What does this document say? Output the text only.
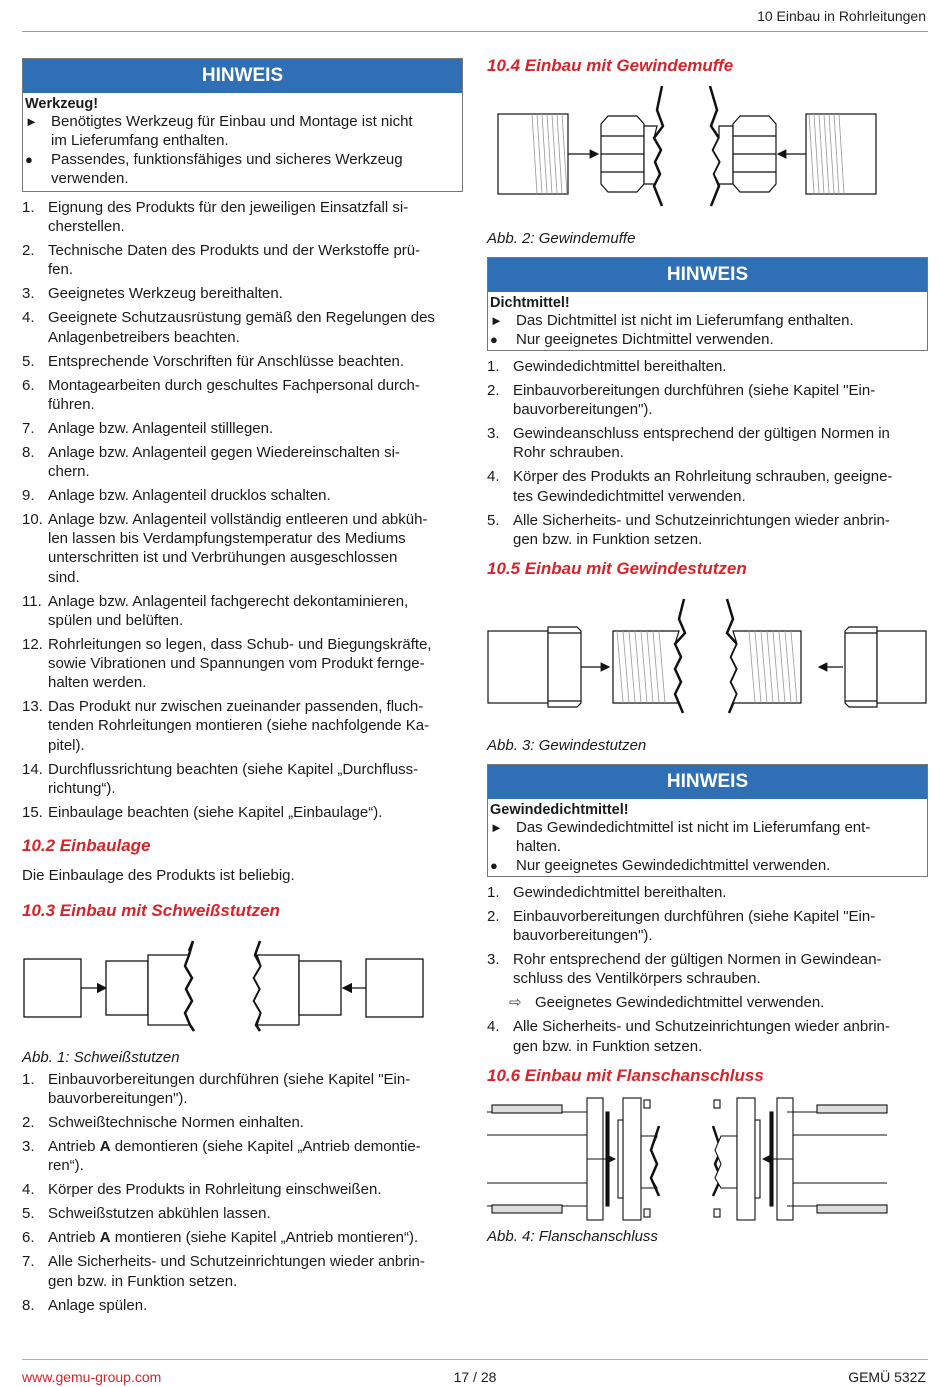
10 Einbau in Rohrleitungen
HINWEIS
Werkzeug!
► Benötigtes Werkzeug für Einbau und Montage ist nicht
im Lieferumfang enthalten.
●	Passendes, funktionsfähiges und sicheres Werkzeug
verwenden.
1. Eignung des Produkts für den jeweiligen Einsatzfall si-
cherstellen.
2. Technische Daten des Produkts und der Werkstoffe prü-
fen.
3. Geeignetes Werkzeug bereithalten.
4. Geeignete Schutzausrüstung gemäß den Regelungen des
Anlagenbetreibers beachten.
5. Entsprechende Vorschriften für Anschlüsse beachten.
6. Montagearbeiten durch geschultes Fachpersonal durch-
führen.
7. Anlage bzw. Anlagenteil stilllegen.
8. Anlage bzw. Anlagenteil gegen Wiedereinschalten si-
chern.
9. Anlage bzw. Anlagenteil drucklos schalten.
10. Anlage bzw. Anlagenteil vollständig entleeren und abküh-
len lassen bis Verdampfungstemperatur des Mediums
unterschritten ist und Verbrühungen ausgeschlossen
sind.
11. Anlage bzw. Anlagenteil fachgerecht dekontaminieren,
spülen und belüften.
12. Rohrleitungen so legen, dass Schub- und Biegungskräfte,
sowie Vibrationen und Spannungen vom Produkt fernge-
halten werden.
13. Das Produkt nur zwischen zueinander passenden, fluch-
tenden Rohrleitungen montieren (siehe nachfolgende Ka-
pitel).
14. Durchflussrichtung beachten (siehe Kapitel „Durchfluss-
richtung“).
15. Einbaulage beachten (siehe Kapitel „Einbaulage“).
10.2 Einbaulage
Die Einbaulage des Produkts ist beliebig.
10.3 Einbau mit Schweißstutzen
Abb. 1: Schweißstutzen
1. Einbauvorbereitungen durchführen (siehe Kapitel "Ein-
bauvorbereitungen").
2. Schweißtechnische Normen einhalten.
3. Antrieb A demontieren (siehe Kapitel „Antrieb demontie-
ren“).
4. Körper des Produkts in Rohrleitung einschweißen.
5. Schweißstutzen abkühlen lassen.
6. Antrieb A montieren (siehe Kapitel „Antrieb montieren“).
7. Alle Sicherheits- und Schutzeinrichtungen wieder anbrin-
gen bzw. in Funktion setzen.
8. Anlage spülen.
10.4 Einbau mit Gewindemuffe
Abb. 2: Gewindemuffe
HINWEIS
Dichtmittel!
► Das Dichtmittel ist nicht im Lieferumfang enthalten.
●	Nur geeignetes Dichtmittel verwenden.
1. Gewindedichtmittel bereithalten.
2. Einbauvorbereitungen durchführen (siehe Kapitel "Ein-
bauvorbereitungen").
3. Gewindeanschluss entsprechend der gültigen Normen in
Rohr schrauben.
4. Körper des Produkts an Rohrleitung schrauben, geeigne-
tes Gewindedichtmittel verwenden.
5. Alle Sicherheits- und Schutzeinrichtungen wieder anbrin-
gen bzw. in Funktion setzen.
10.5 Einbau mit Gewindestutzen
Abb. 3: Gewindestutzen
HINWEIS
Gewindedichtmittel!
► Das Gewindedichtmittel ist nicht im Lieferumfang ent-
halten.
●	Nur geeignetes Gewindedichtmittel verwenden.
1. Gewindedichtmittel bereithalten.
2. Einbauvorbereitungen durchführen (siehe Kapitel "Ein-
bauvorbereitungen").
3. Rohr entsprechend der gültigen Normen in Gewindean-
schluss des Ventilkörpers schrauben.
⇨ Geeignetes Gewindedichtmittel verwenden.
4. Alle Sicherheits- und Schutzeinrichtungen wieder anbrin-
gen bzw. in Funktion setzen.
10.6 Einbau mit Flanschanschluss
Abb. 4: Flanschanschluss
www.gemu-group.com	17 / 28	GEMÜ 532Z
